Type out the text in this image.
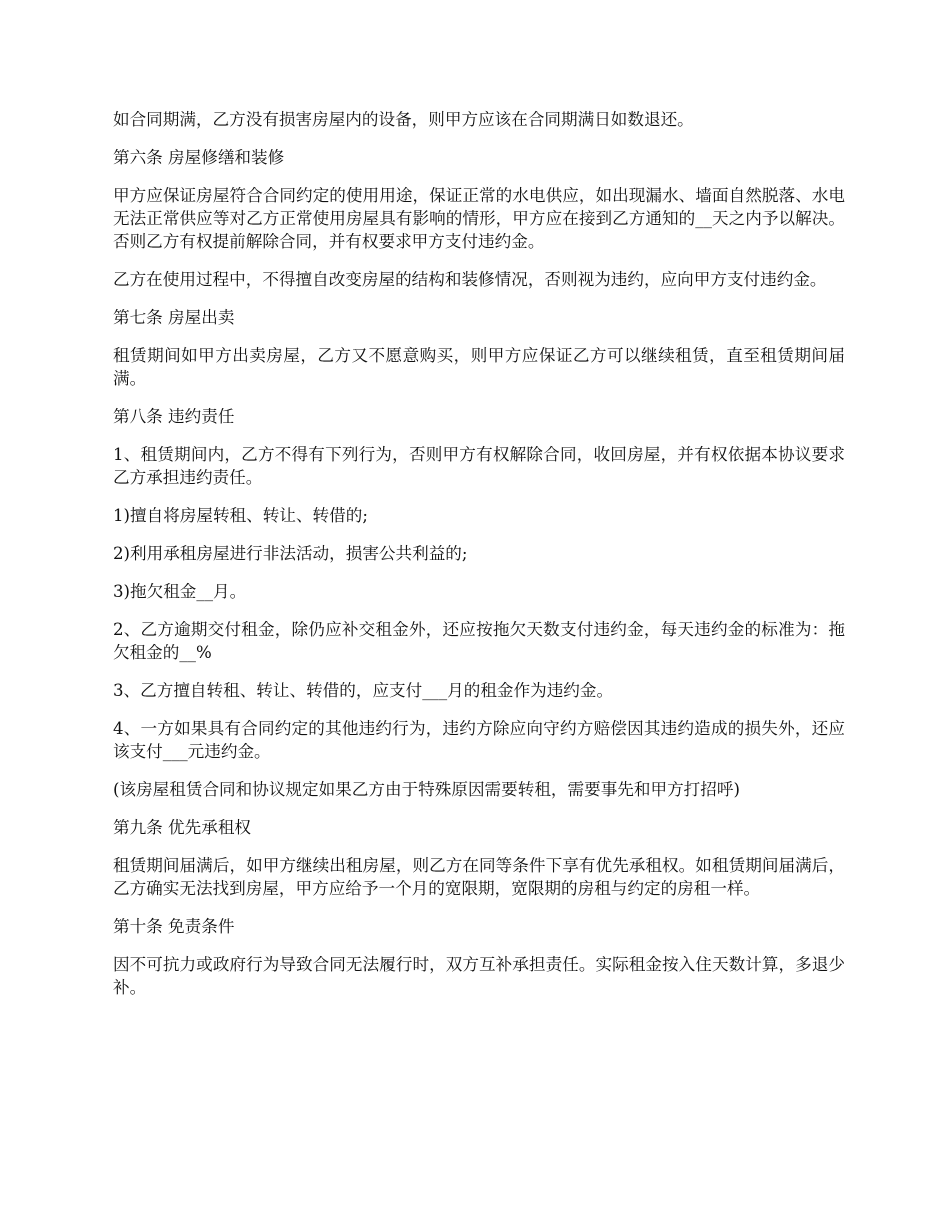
如合同期满，乙方没有损害房屋内的设备，则甲方应该在合同期满日如数退还。

第六条 房屋修缮和装修

甲方应保证房屋符合合同约定的使用用途，保证正常的水电供应，如出现漏水、墙面自然脱落、水电无法正常供应等对乙方正常使用房屋具有影响的情形，甲方应在接到乙方通知的__天之内予以解决。否则乙方有权提前解除合同，并有权要求甲方支付违约金。

乙方在使用过程中，不得擅自改变房屋的结构和装修情况，否则视为违约，应向甲方支付违约金。

第七条 房屋出卖

租赁期间如甲方出卖房屋，乙方又不愿意购买，则甲方应保证乙方可以继续租赁，直至租赁期间届满。

第八条 违约责任

1、租赁期间内，乙方不得有下列行为，否则甲方有权解除合同，收回房屋，并有权依据本协议要求乙方承担违约责任。

1)擅自将房屋转租、转让、转借的;

2)利用承租房屋进行非法活动，损害公共利益的;

3)拖欠租金__月。

2、乙方逾期交付租金，除仍应补交租金外，还应按拖欠天数支付违约金，每天违约金的标准为：拖欠租金的__%

3、乙方擅自转租、转让、转借的，应支付___月的租金作为违约金。

4、一方如果具有合同约定的其他违约行为，违约方除应向守约方赔偿因其违约造成的损失外，还应该支付___元违约金。

(该房屋租赁合同和协议规定如果乙方由于特殊原因需要转租，需要事先和甲方打招呼)

第九条 优先承租权

租赁期间届满后，如甲方继续出租房屋，则乙方在同等条件下享有优先承租权。如租赁期间届满后，乙方确实无法找到房屋，甲方应给予一个月的宽限期，宽限期的房租与约定的房租一样。

第十条 免责条件

因不可抗力或政府行为导致合同无法履行时，双方互补承担责任。实际租金按入住天数计算，多退少补。
